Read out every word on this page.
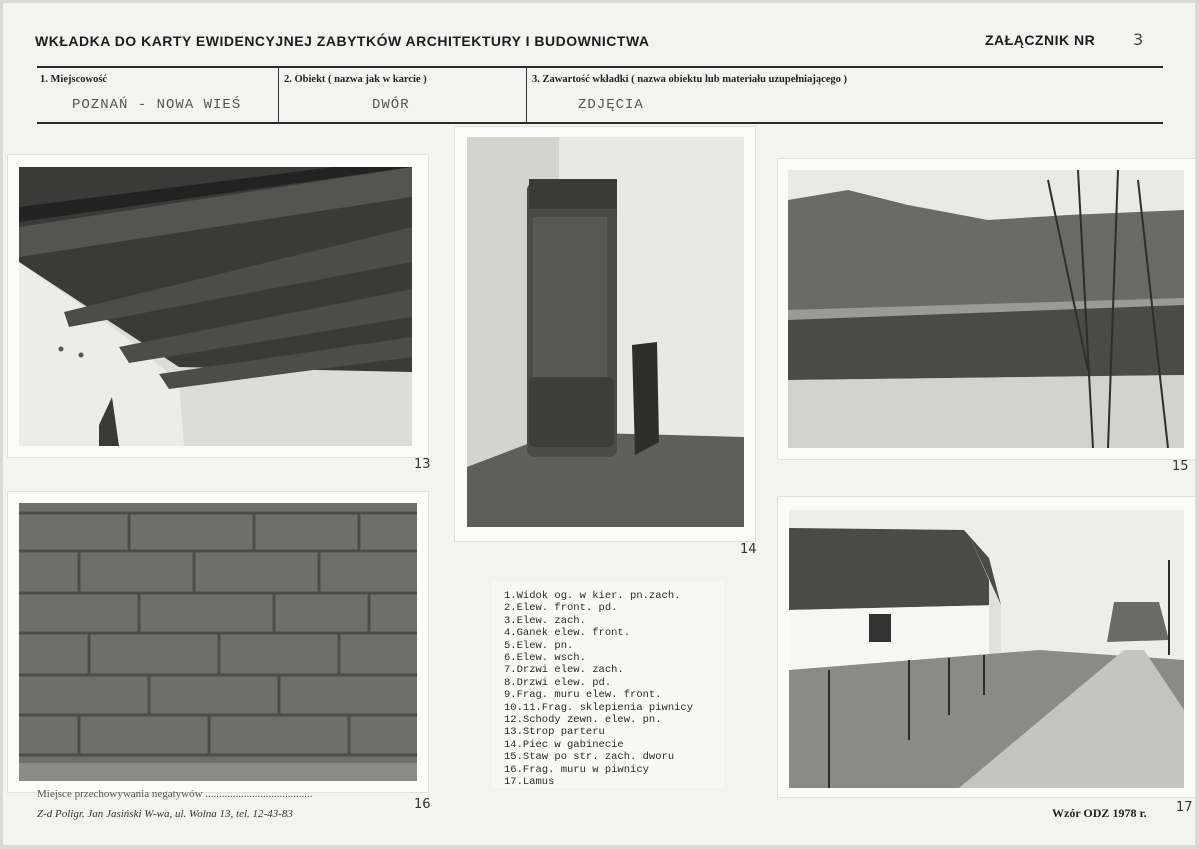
WKŁADKA DO KARTY EWIDENCYJNEJ ZABYTKÓW ARCHITEKTURY I BUDOWNICTWA	ZAŁĄCZNIK NR 3
1. Miejscowość
POZNAŃ - NOWA WIEŚ
2. Obiekt ( nazwa jak w karcie )
DWÓR
3. Zawartość wkładki ( nazwa obiektu lub materiału uzupełniającego )
ZDJĘCIA
13
14
15
16	17
1.Widok og. w kier. pn.zach.
2.Elew. front. pd.
3.Elew. zach.
4.Ganek elew. front.
5.Elew. pn.
6.Elew. wsch.
7.Drzwi elew. zach.
8.Drzwi elew. pd.
9.Frag. muru elew. front.
10.11.Frag. sklepienia piwnicy
12.Schody zewn. elew. pn.
13.Strop parteru
14.Piec w gabinecie
15.Staw po str. zach. dworu
16.Frag. muru w piwnicy
17.Lamus
Miejsce przechowywania negatywów .......................................
Z-d Poligr. Jan Jasiński W-wa, ul. Wolna 13, tel. 12-43-83	Wzór ODZ 1978 r.
